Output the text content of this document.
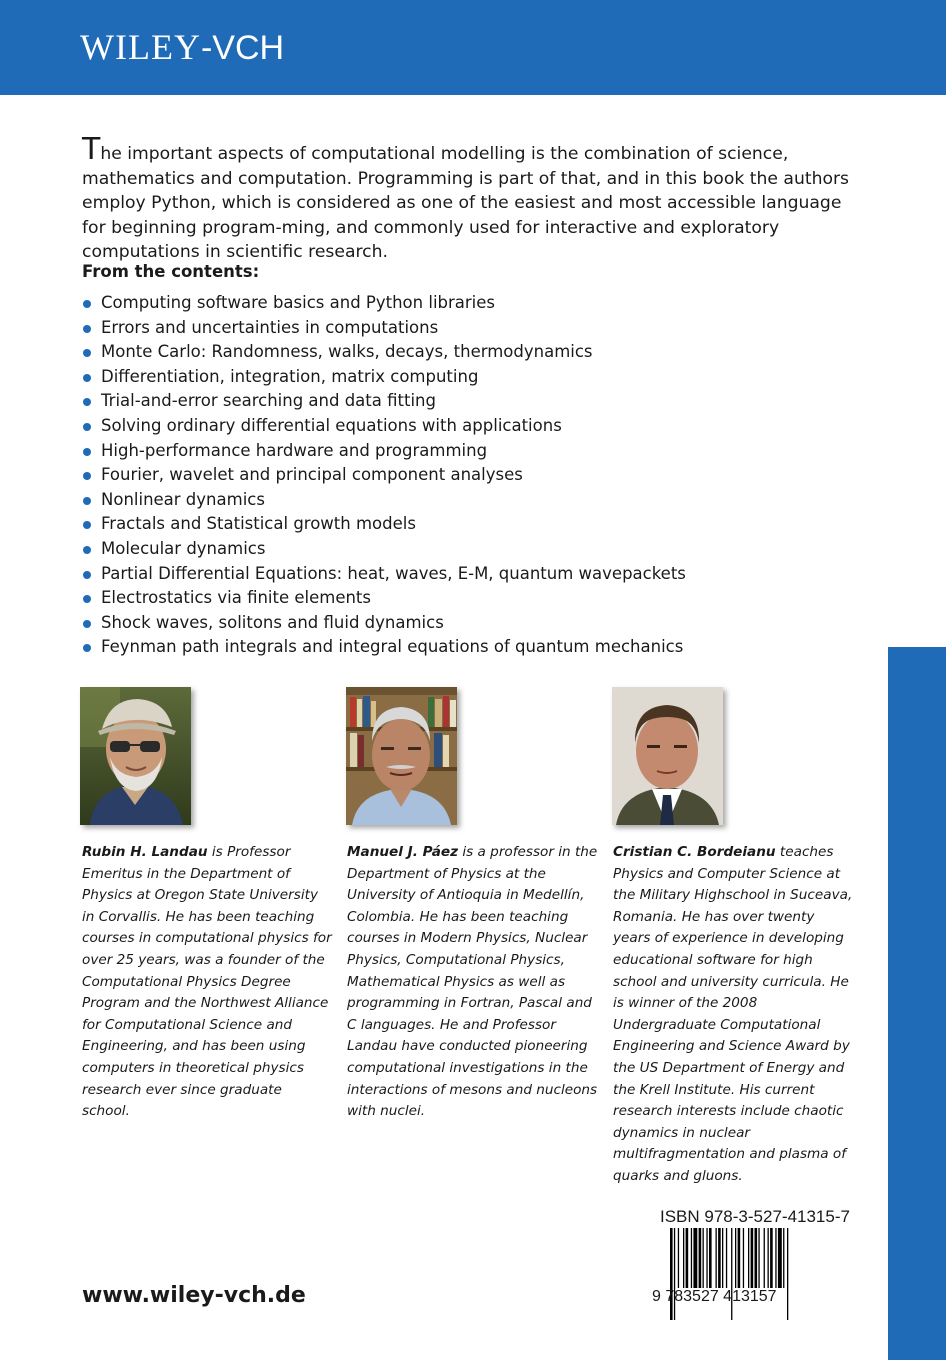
WILEY-VCH

The important aspects of computational modelling is the combination of science, mathematics and computation. Programming is part of that, and in this book the authors employ Python, which is considered as one of the easiest and most accessible language for beginning program-ming, and commonly used for interactive and exploratory computations in scientific research.

From the contents:
Computing software basics and Python libraries
Errors and uncertainties in computations
Monte Carlo: Randomness, walks, decays, thermodynamics
Differentiation, integration, matrix computing
Trial-and-error searching and data fitting
Solving ordinary differential equations with applications
High-performance hardware and programming
Fourier, wavelet and principal component analyses
Nonlinear dynamics
Fractals and Statistical growth models
Molecular dynamics
Partial Differential Equations: heat, waves, E-M, quantum wavepackets
Electrostatics via finite elements
Shock waves, solitons and fluid dynamics
Feynman path integrals and integral equations of quantum mechanics

Rubin H. Landau is Professor Emeritus in the Department of Physics at Oregon State University in Corvallis. He has been teaching courses in computational physics for over 25 years, was a founder of the Computational Physics Degree Program and the Northwest Alliance for Computational Science and Engineering, and has been using computers in theoretical physics research ever since graduate school.

Manuel J. Páez is a professor in the Department of Physics at the University of Antioquia in Medellín, Colombia. He has been teaching courses in Modern Physics, Nuclear Physics, Computational Physics, Mathematical Physics as well as programming in Fortran, Pascal and C languages. He and Professor Landau have conducted pioneering computational investigations in the interactions of mesons and nucleons with nuclei.

Cristian C. Bordeianu teaches Physics and Computer Science at the Military Highschool in Suceava, Romania. He has over twenty years of experience in developing educational software for high school and university curricula. He is winner of the 2008 Undergraduate Computational Engineering and Science Award by the US Department of Energy and the Krell Institute. His current research interests include chaotic dynamics in nuclear multifragmentation and plasma of quarks and gluons.

www.wiley-vch.de
ISBN 978-3-527-41315-7
9 783527 413157
